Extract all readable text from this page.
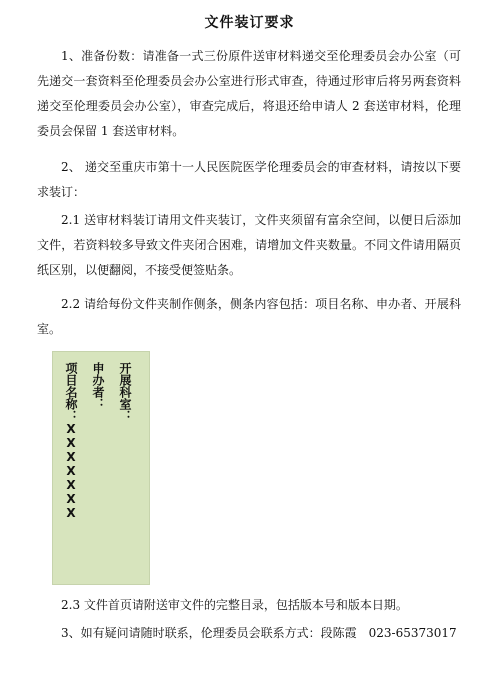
文件装订要求

1、准备份数：请准备一式三份原件送审材料递交至伦理委员会办公室（可先递交一套资料至伦理委员会办公室进行形式审查，待通过形审后将另两套资料递交至伦理委员会办公室），审查完成后，将退还给申请人 2 套送审材料，伦理委员会保留 1 套送审材料。

2、 递交至重庆市第十一人民医院医学伦理委员会的审查材料，请按以下要求装订：

2.1 送审材料装订请用文件夹装订，文件夹须留有富余空间，以便日后添加文件，若资料较多导致文件夹闭合困难，请增加文件夹数量。不同文件请用隔页纸区别，以便翻阅，不接受便签贴条。

2.2 请给每份文件夹制作侧条，侧条内容包括：项目名称、申办者、开展科室。

项目名称：XXXXXXX 申办者： 开展科室：

2.3 文件首页请附送审文件的完整目录，包括版本号和版本日期。

3、如有疑问请随时联系，伦理委员会联系方式：段陈霞　023-65373017
